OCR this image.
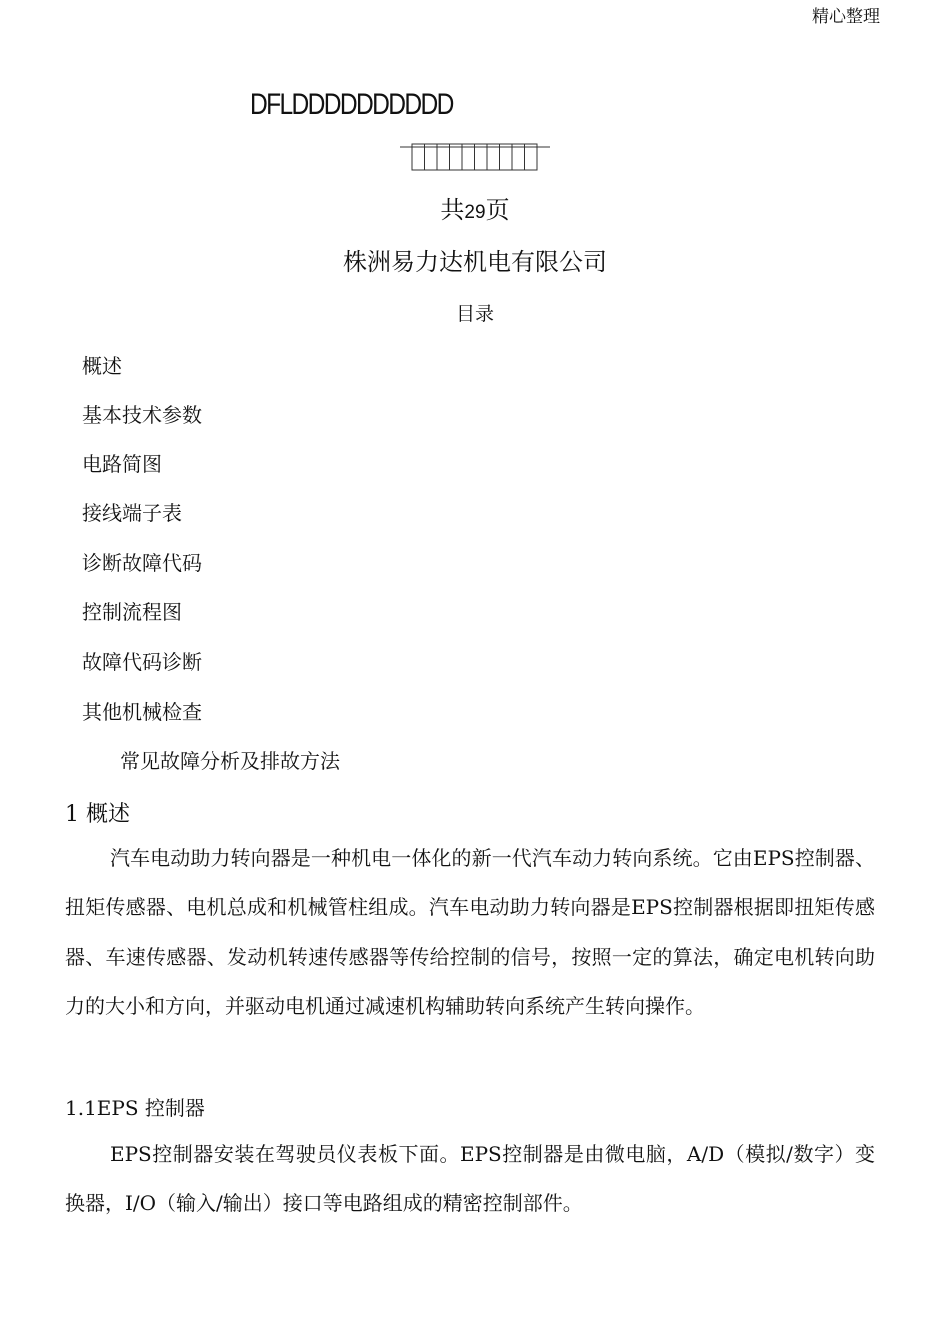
精心整理
DFLDDDDDDDDDD
共29页
株洲易力达机电有限公司
目录
概述
基本技术参数
电路简图
接线端子表
诊断故障代码
控制流程图
故障代码诊断
其他机械检查
常见故障分析及排故方法
1 概述
汽车电动助力转向器是一种机电一体化的新一代汽车动力转向系统。它由EPS控制器、扭矩传感器、电机总成和机械管柱组成。汽车电动助力转向器是EPS控制器根据即扭矩传感器、车速传感器、发动机转速传感器等传给控制的信号，按照一定的算法，确定电机转向助力的大小和方向，并驱动电机通过减速机构辅助转向系统产生转向操作。
1.1EPS 控制器
EPS控制器安装在驾驶员仪表板下面。EPS控制器是由微电脑，A/D（模拟/数字）变换器，I/O（输入/输出）接口等电路组成的精密控制部件。
